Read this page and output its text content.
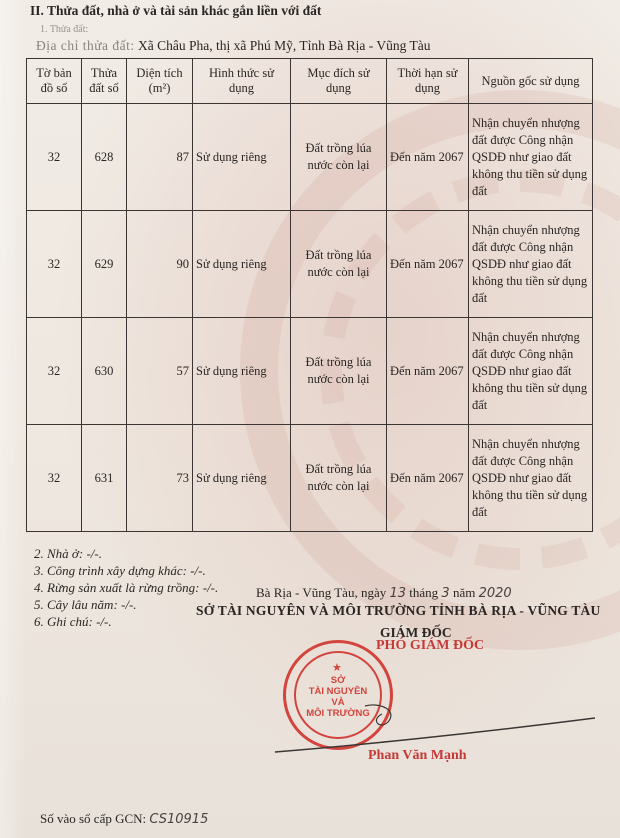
II. Thửa đất, nhà ở và tài sản khác gắn liền với đất
1. Thửa đất:
Địa chỉ thửa đất: Xã Châu Pha, thị xã Phú Mỹ, Tỉnh Bà Rịa - Vũng Tàu
Tờ bản đồ số	Thửa đất số	Diện tích (m²)	Hình thức sử dụng	Mục đích sử dụng	Thời hạn sử dụng	Nguồn gốc sử dụng
32	628	87	Sử dụng riêng	Đất trồng lúa nước còn lại	Đến năm 2067	Nhận chuyển nhượng đất được Công nhận QSDĐ như giao đất không thu tiền sử dụng đất
32	629	90	Sử dụng riêng	Đất trồng lúa nước còn lại	Đến năm 2067	Nhận chuyển nhượng đất được Công nhận QSDĐ như giao đất không thu tiền sử dụng đất
32	630	57	Sử dụng riêng	Đất trồng lúa nước còn lại	Đến năm 2067	Nhận chuyển nhượng đất được Công nhận QSDĐ như giao đất không thu tiền sử dụng đất
32	631	73	Sử dụng riêng	Đất trồng lúa nước còn lại	Đến năm 2067	Nhận chuyển nhượng đất được Công nhận QSDĐ như giao đất không thu tiền sử dụng đất
2. Nhà ở: -/-.
3. Công trình xây dựng khác: -/-.
4. Rừng sản xuất là rừng trồng: -/-.
5. Cây lâu năm: -/-.
6. Ghi chú: -/-.
Bà Rịa - Vũng Tàu, ngày 13 tháng 3 năm 2020
SỞ TÀI NGUYÊN VÀ MÔI TRƯỜNG TỈNH BÀ RỊA - VŨNG TÀU
GIÁM ĐỐC
PHÓ GIÁM ĐỐC
★
SỞ
TÀI NGUYÊN
VÀ
MÔI TRƯỜNG
Phan Văn Mạnh
Số vào sổ cấp GCN: CS10915
